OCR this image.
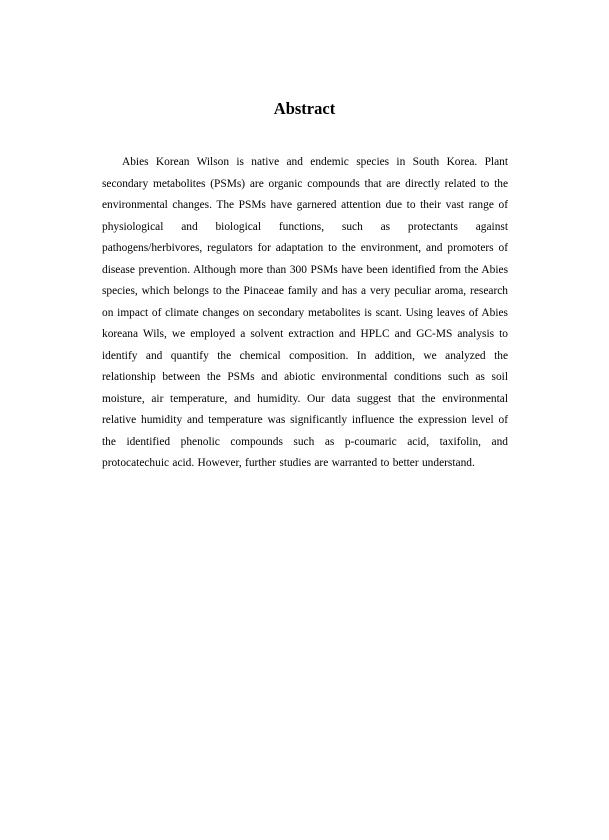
Abstract

Abies Korean Wilson is native and endemic species in South Korea. Plant secondary metabolites (PSMs) are organic compounds that are directly related to the environmental changes. The PSMs have garnered attention due to their vast range of physiological and biological functions, such as protectants against pathogens/herbivores, regulators for adaptation to the environment, and promoters of disease prevention. Although more than 300 PSMs have been identified from the Abies species, which belongs to the Pinaceae family and has a very peculiar aroma, research on impact of climate changes on secondary metabolites is scant. Using leaves of Abies koreana Wils, we employed a solvent extraction and HPLC and GC-MS analysis to identify and quantify the chemical composition. In addition, we analyzed the relationship between the PSMs and abiotic environmental conditions such as soil moisture, air temperature, and humidity. Our data suggest that the environmental relative humidity and temperature was significantly influence the expression level of the identified phenolic compounds such as p-coumaric acid, taxifolin, and protocatechuic acid. However, further studies are warranted to better understand.
